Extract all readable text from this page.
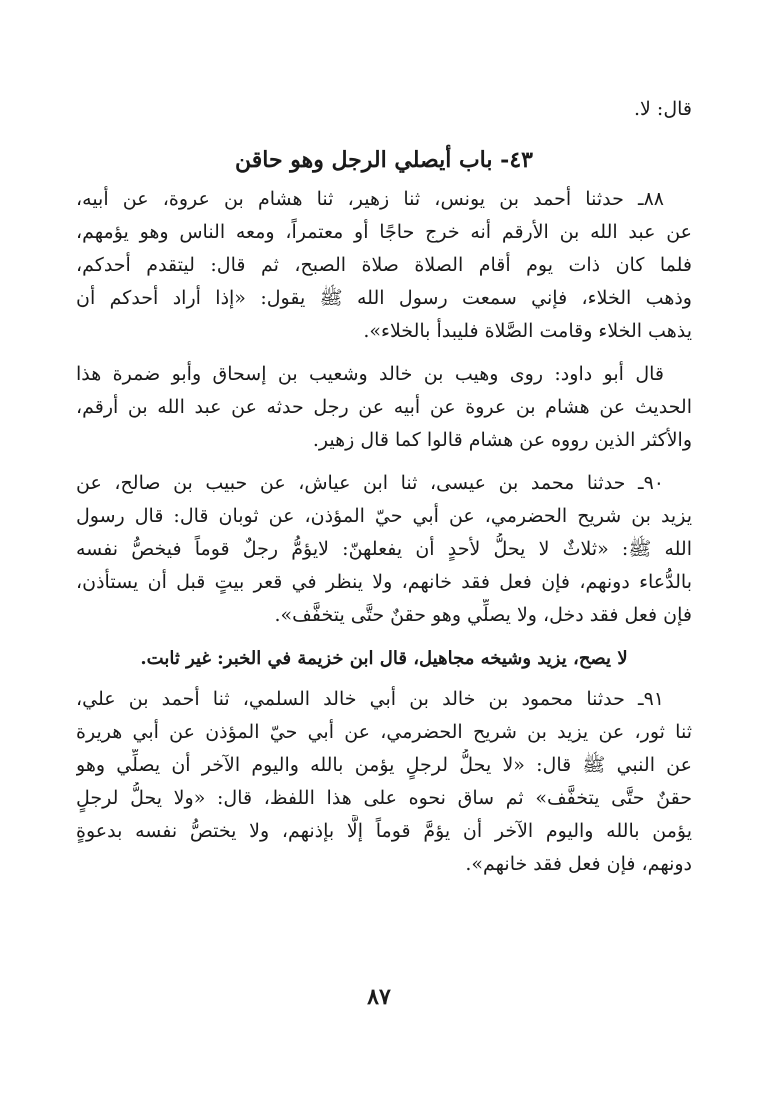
قال: لا.
٤٣- باب أيصلي الرجل وهو حاقن
٨٨ـ حدثنا أحمد بن يونس، ثنا زهير، ثنا هشام بن عروة، عن أبيه،
عن عبد الله بن الأرقم أنه خرج حاجًا أو معتمراً، ومعه الناس وهو يؤمهم،
فلما كان ذات يوم أقام الصلاة صلاة الصبح، ثم قال: ليتقدم أحدكم،
وذهب الخلاء، فإني سمعت رسول الله ﷺ يقول: «إذا أراد أحدكم أن
يذهب الخلاء وقامت الصَّلاة فليبدأ بالخلاء».
قال أبو داود: روى وهيب بن خالد وشعيب بن إسحاق وأبو ضمرة هذا
الحديث عن هشام بن عروة عن أبيه عن رجل حدثه عن عبد الله بن أرقم،
والأكثر الذين رووه عن هشام قالوا كما قال زهير.
٩٠ـ حدثنا محمد بن عيسى، ثنا ابن عياش، عن حبيب بن صالح، عن
يزيد بن شريح الحضرمي، عن أبي حيّ المؤذن، عن ثوبان قال: قال رسول
الله ﷺ: «ثلاثٌ لا يحلُّ لأحدٍ أن يفعلهنّ: لايؤمُّ رجلٌ قوماً فيخصُّ نفسه
بالدُّعاء دونهم، فإن فعل فقد خانهم، ولا ينظر في قعر بيتٍ قبل أن يستأذن،
فإن فعل فقد دخل، ولا يصلِّي وهو حقنٌ حتَّى يتخفَّف».
لا يصح، يزيد وشيخه مجاهيل، قال ابن خزيمة في الخبر: غير ثابت.
٩١ـ حدثنا محمود بن خالد بن أبي خالد السلمي، ثنا أحمد بن علي،
ثنا ثور، عن يزيد بن شريح الحضرمي، عن أبي حيّ المؤذن عن أبي هريرة
عن النبي ﷺ قال: «لا يحلُّ لرجلٍ يؤمن بالله واليوم الآخر أن يصلِّي وهو
حقنٌ حتَّى يتخفَّف» ثم ساق نحوه على هذا اللفظ، قال: «ولا يحلُّ لرجلٍ
يؤمن بالله واليوم الآخر أن يؤمَّ قوماً إلَّا بإذنهم، ولا يختصُّ نفسه بدعوةٍ
دونهم، فإن فعل فقد خانهم».
٨٧
